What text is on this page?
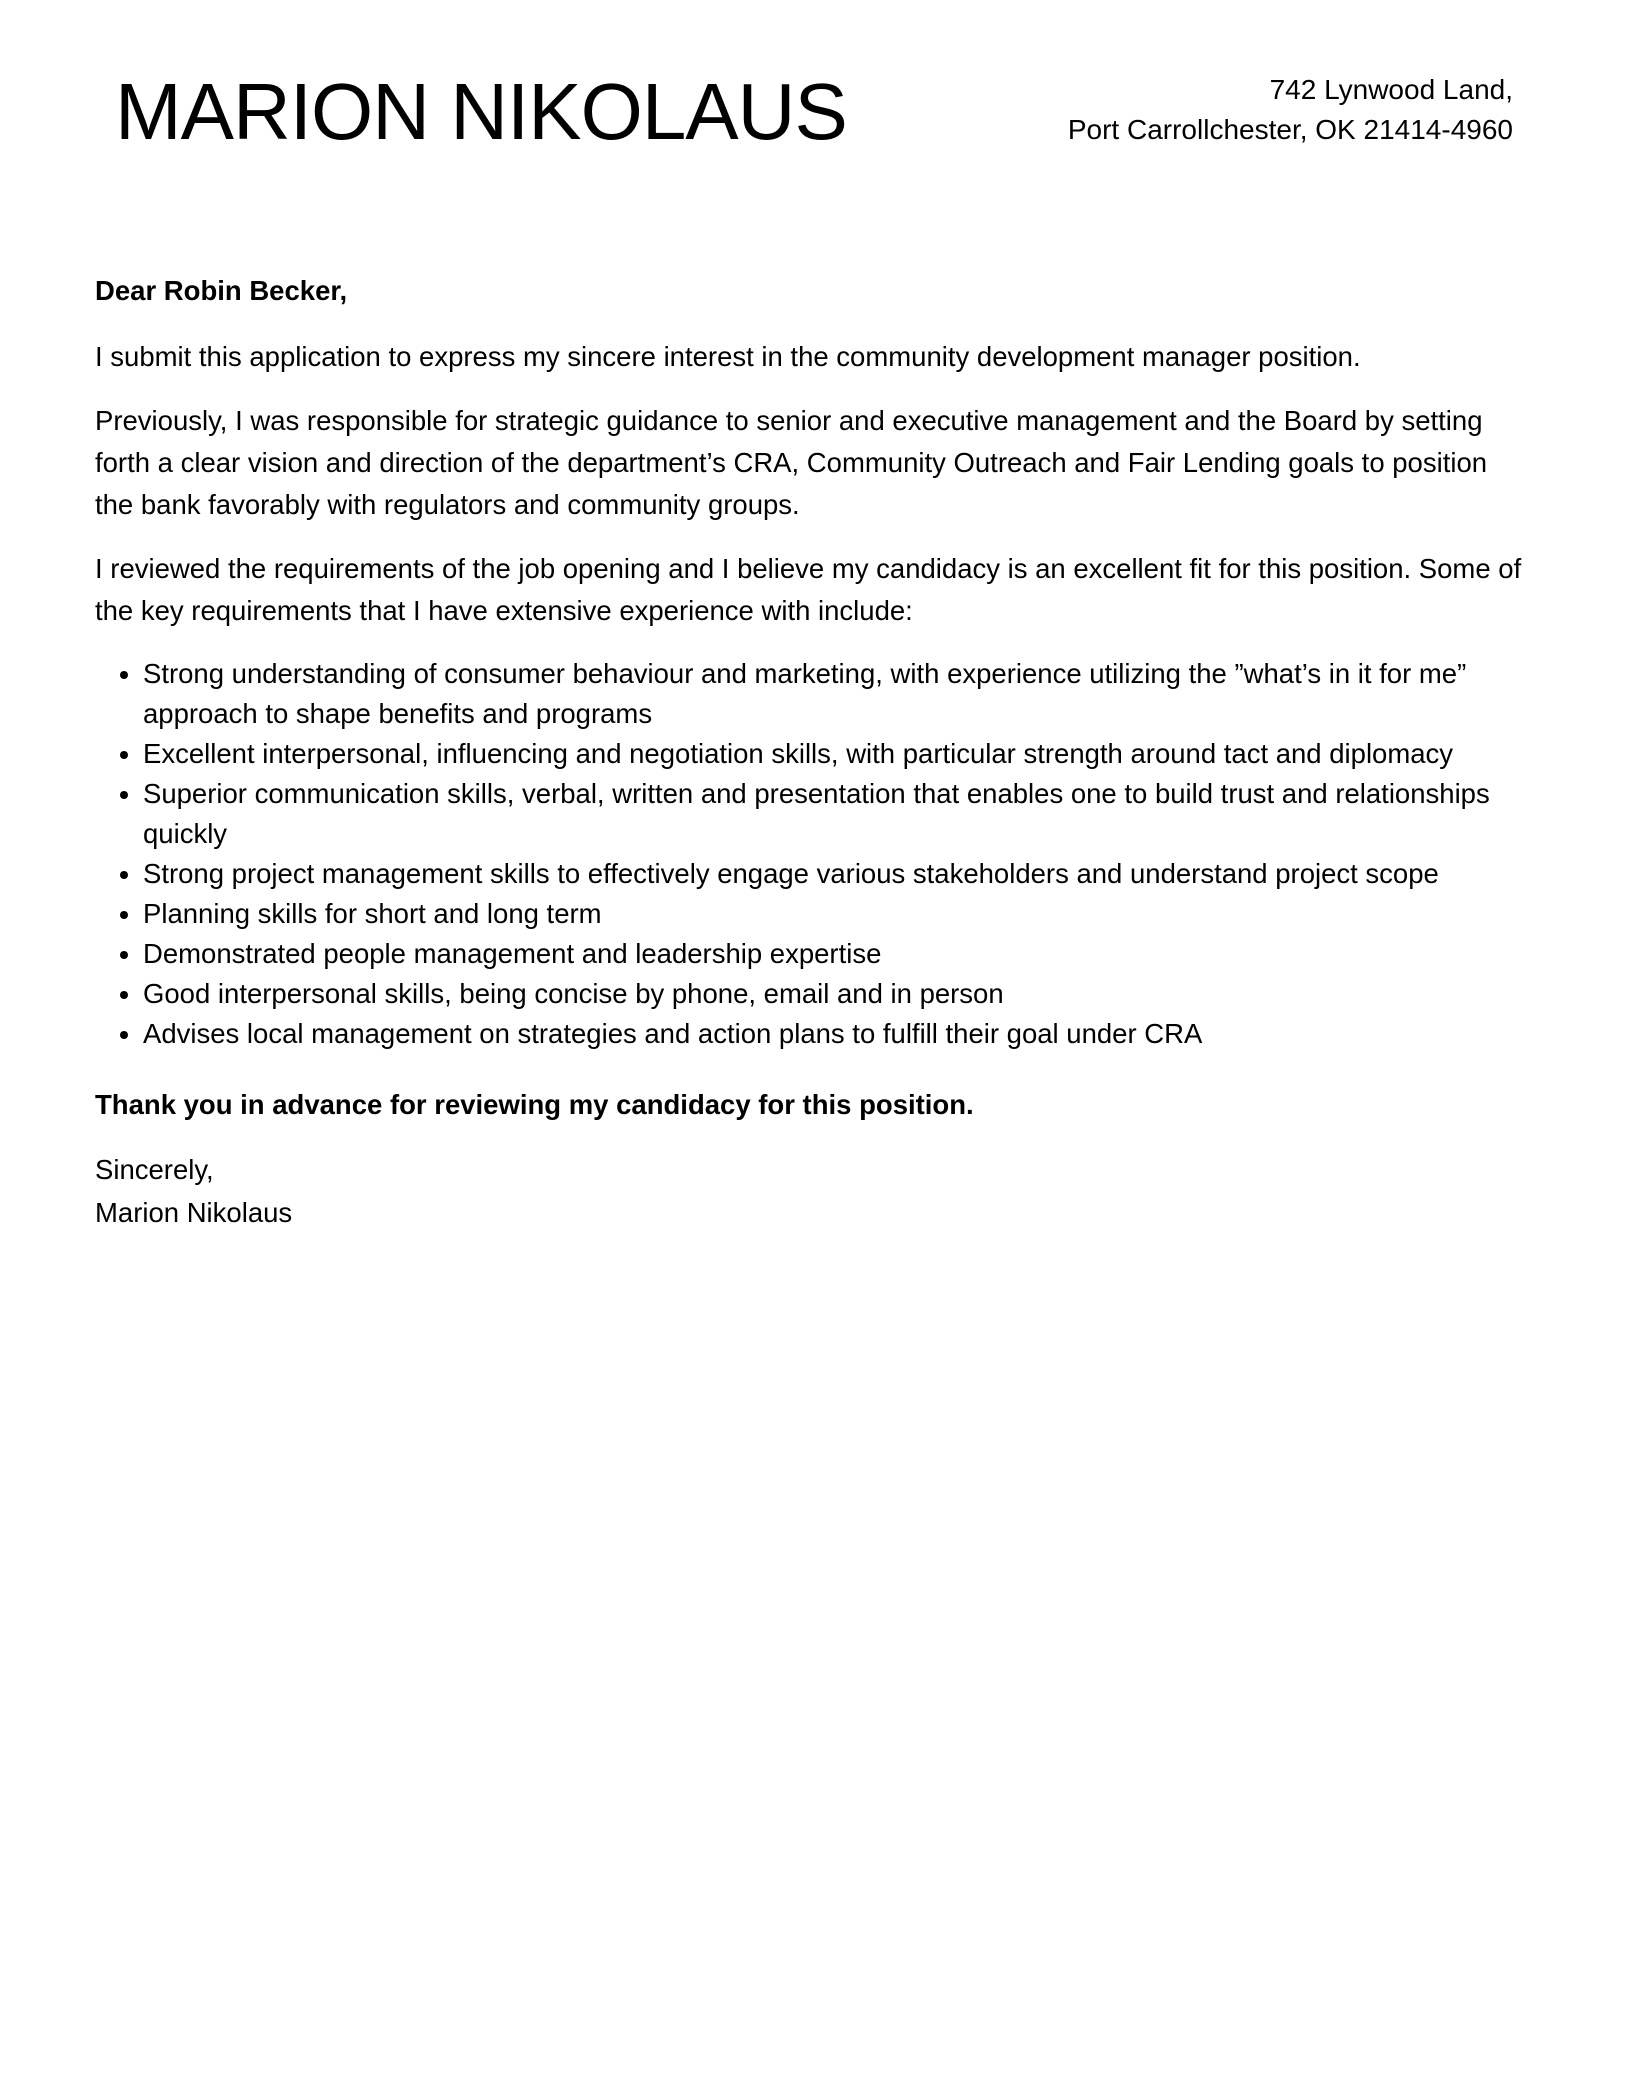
MARION NIKOLAUS	742 Lynwood Land,
Port Carrollchester, OK 21414-4960

Dear Robin Becker,

I submit this application to express my sincere interest in the community development manager position.

Previously, I was responsible for strategic guidance to senior and executive management and the Board by setting forth a clear vision and direction of the department’s CRA, Community Outreach and Fair Lending goals to position the bank favorably with regulators and community groups.

I reviewed the requirements of the job opening and I believe my candidacy is an excellent fit for this position. Some of the key requirements that I have extensive experience with include:

• Strong understanding of consumer behaviour and marketing, with experience utilizing the ”what’s in it for me” approach to shape benefits and programs
• Excellent interpersonal, influencing and negotiation skills, with particular strength around tact and diplomacy
• Superior communication skills, verbal, written and presentation that enables one to build trust and relationships quickly
• Strong project management skills to effectively engage various stakeholders and understand project scope
• Planning skills for short and long term
• Demonstrated people management and leadership expertise
• Good interpersonal skills, being concise by phone, email and in person
• Advises local management on strategies and action plans to fulfill their goal under CRA

Thank you in advance for reviewing my candidacy for this position.

Sincerely,
Marion Nikolaus
